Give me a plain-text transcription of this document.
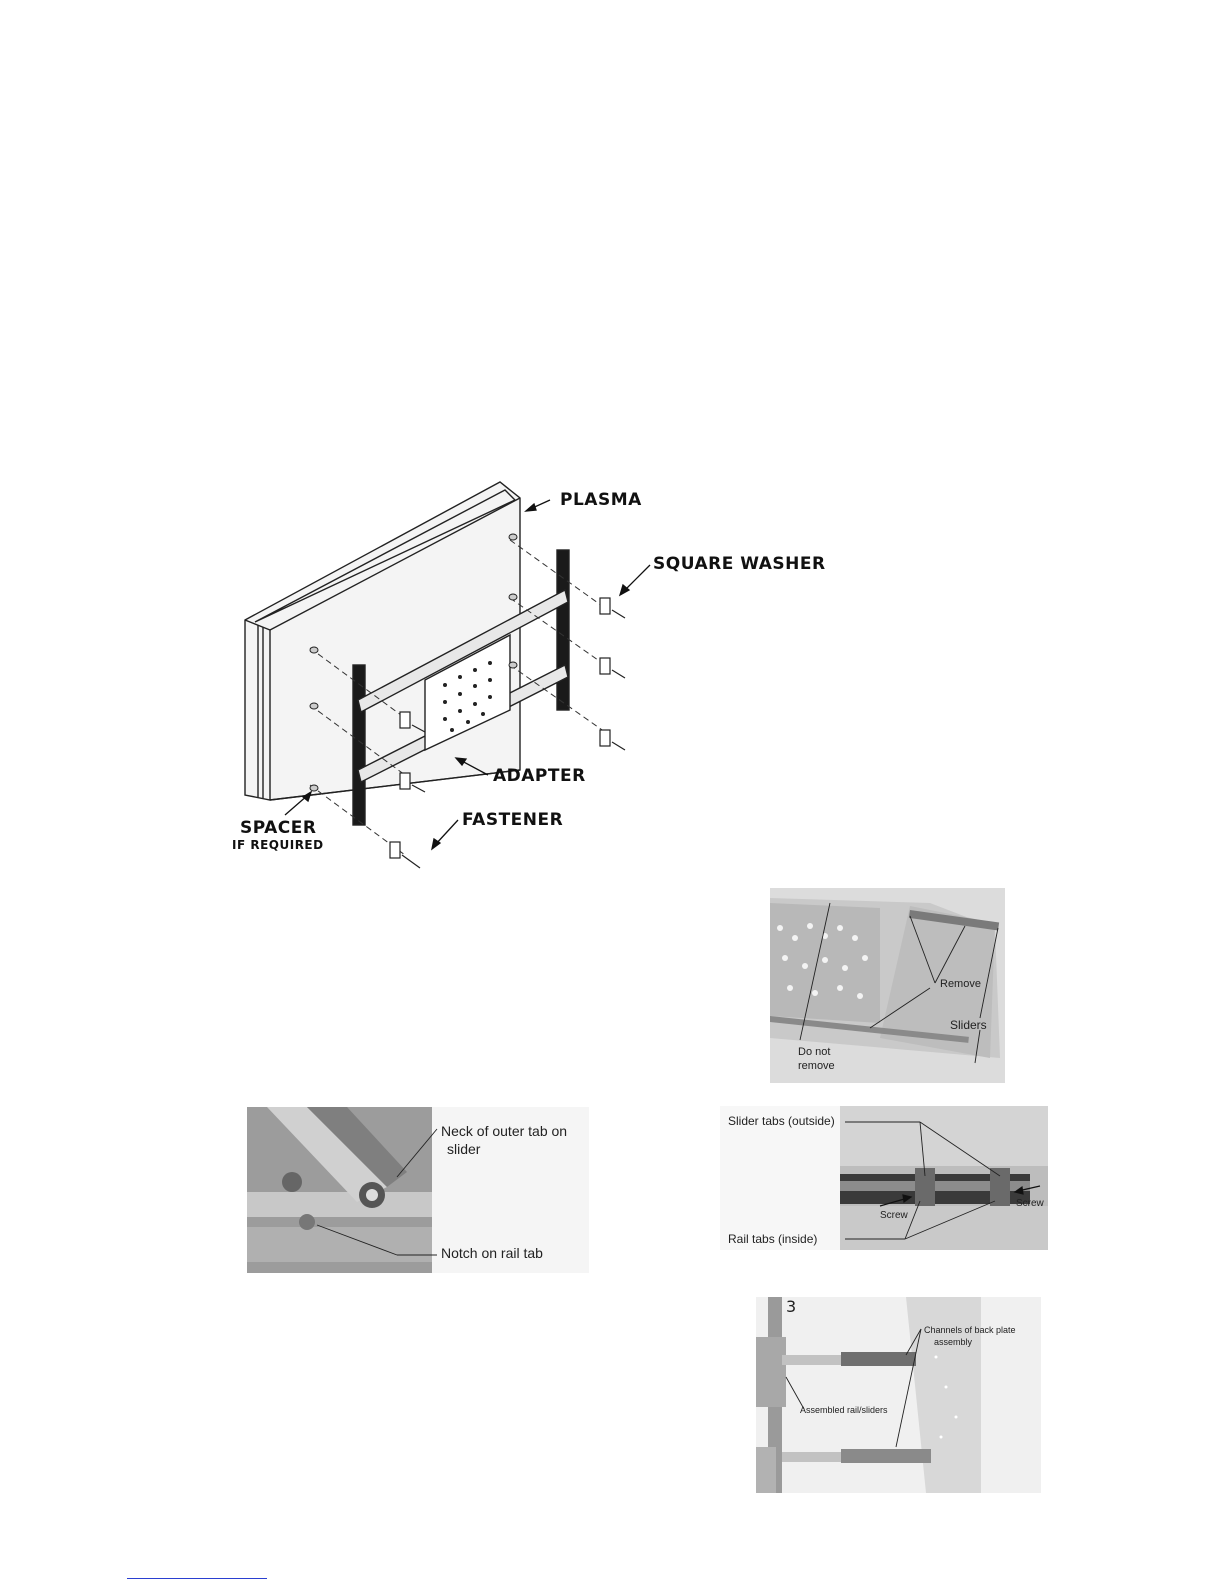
PLASMA
SQUARE WASHER
ADAPTER
FASTENER
SPACER
IF REQUIRED
Remove
Sliders
Do not
remove
Neck of outer tab on
slider
Notch on rail tab
Slider tabs (outside)
Rail tabs (inside)
Screw
Screw
3
Channels of back plate
assembly
Assembled rail/sliders
